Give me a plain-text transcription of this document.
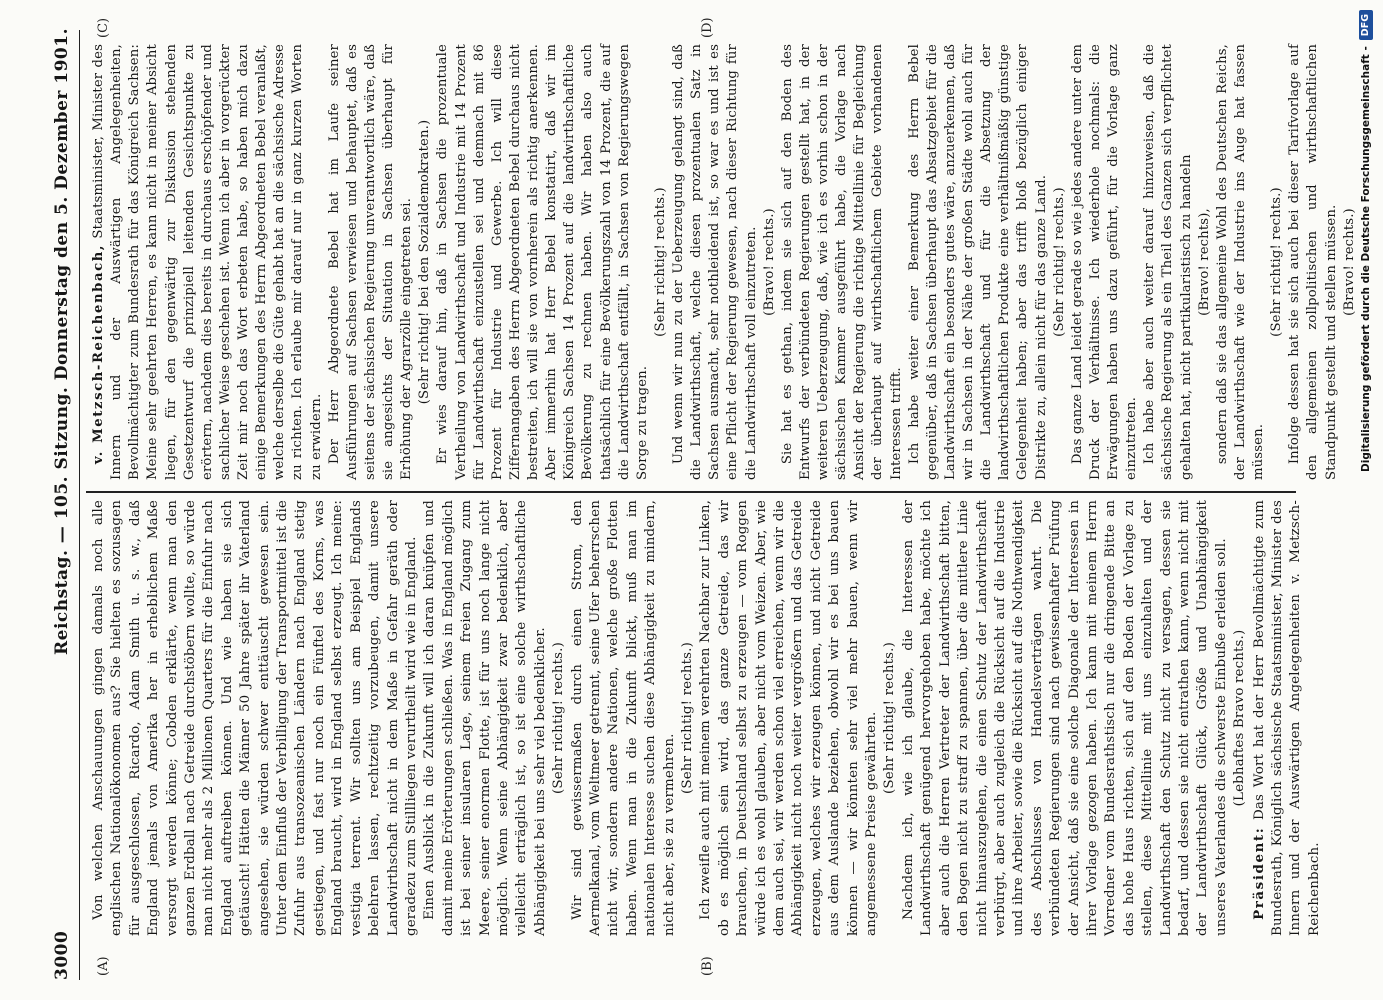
3000
Reichstag. — 105. Sitzung. Donnerstag den 5. Dezember 1901.
(A)	(B)
(C)	(D)

Von welchen Anschauungen gingen damals noch alle englischen Nationalökonomen aus? Sie hielten es sozusagen für ausgeschlossen, Ricardo, Adam Smith u. s. w., daß England jemals von Amerika her in erheblichem Maße versorgt werden könne; Cobden erklärte, wenn man den ganzen Erdball nach Getreide durchstöbern wollte, so würde man nicht mehr als 2 Millionen Quarters für die Einfuhr nach England auftreiben können. Und wie haben sie sich getäuscht! Hätten die Männer 50 Jahre später ihr Vaterland angesehen, sie würden schwer enttäuscht gewesen sein. Unter dem Einfluß der Verbilligung der Transportmittel ist die Zufuhr aus transozeanischen Ländern nach England stetig gestiegen, und fast nur noch ein Fünftel des Korns, was England braucht, wird in England selbst erzeugt. Ich meine: vestigia terrent. Wir sollten uns am Beispiel Englands belehren lassen, rechtzeitig vorzubeugen, damit unsere Landwirthschaft nicht in dem Maße in Gefahr geräth oder geradezu zum Stillliegen verurtheilt wird wie in England. Einen Ausblick in die Zukunft will ich daran knüpfen und damit meine Erörterungen schließen. Was in England möglich ist bei seiner insularen Lage, seinem freien Zugang zum Meere, seiner enormen Flotte, ist für uns noch lange nicht möglich. Wenn seine Abhängigkeit zwar bedenklich, aber vielleicht erträglich ist, so ist eine solche wirthschaftliche Abhängigkeit bei uns sehr viel bedenklicher. (Sehr richtig! rechts.) Wir sind gewissermaßen durch einen Strom, den Aermelkanal, vom Weltmeer getrennt, seine Ufer beherrschen nicht wir, sondern andere Nationen, welche große Flotten haben. Wenn man in die Zukunft blickt, muß man im nationalen Interesse suchen diese Abhängigkeit zu mindern, nicht aber, sie zu vermehren.

(Sehr richtig! rechts.) Ich zweifle auch mit meinem verehrten Nachbar zur Linken, ob es möglich sein wird, das ganze Getreide, das wir brauchen, in Deutschland selbst zu erzeugen — vom Roggen würde ich es wohl glauben, aber nicht vom Weizen. Aber, wie dem auch sei, wir werden schon viel erreichen, wenn wir die Abhängigkeit nicht noch weiter vergrößern und das Getreide erzeugen, welches wir erzeugen können, und nicht Getreide aus dem Auslande beziehen, obwohl wir es bei uns bauen können — wir könnten sehr viel mehr bauen, wenn wir angemessene Preise gewährten. (Sehr richtig! rechts.) Nachdem ich, wie ich glaube, die Interessen der Landwirthschaft genügend hervorgehoben habe, möchte ich aber auch die Herren Vertreter der Landwirthschaft bitten, den Bogen nicht zu straff zu spannen, über die mittlere Linie nicht hinauszugehen, die einen Schutz der Landwirthschaft verbürgt, aber auch zugleich die Rücksicht auf die Industrie und ihre Arbeiter, sowie die Rücksicht auf die Nothwendigkeit des Abschlusses von Handelsverträgen wahrt. Die verbündeten Regierungen sind nach gewissenhafter Prüfung der Ansicht, daß sie eine solche Diagonale der Interessen in ihrer Vorlage gezogen haben. Ich kann mit meinem Herrn Vorredner vom Bundesrathstisch nur die dringende Bitte an das hohe Haus richten, sich auf den Boden der Vorlage zu stellen, diese Mittellinie mit uns einzuhalten und der Landwirthschaft den Schutz nicht zu versagen, dessen sie bedarf, und dessen sie nicht entrathen kann, wenn nicht mit der Landwirthschaft Glück, Größe und Unabhängigkeit unseres Vaterlandes die schwerste Einbuße erleiden soll. (Lebhaftes Bravo rechts.)

Präsident: Das Wort hat der Herr Bevollmächtigte zum Bundesrath, Königlich sächsische Staatsminister, Minister des Innern und der Auswärtigen Angelegenheiten v. Metzsch-Reichenbach.

v. Metzsch-Reichenbach, Staatsminister, Minister des Innern und der Auswärtigen Angelegenheiten, Bevollmächtigter zum Bundesrath für das Königreich Sachsen: Meine sehr geehrten Herren, es kann nicht in meiner Absicht liegen, für den gegenwärtig zur Diskussion stehenden Gesetzentwurf die prinzipiell leitenden Gesichtspunkte zu erörtern, nachdem dies bereits in durchaus erschöpfender und sachlicher Weise geschehen ist. Wenn ich aber in vorgerückter Zeit mir noch das Wort erbeten habe, so haben mich dazu einige Bemerkungen des Herrn Abgeordneten Bebel veranlaßt, welche derselbe die Güte gehabt hat an die sächsische Adresse zu richten. Ich erlaube mir darauf nur in ganz kurzen Worten zu erwidern. Der Herr Abgeordnete Bebel hat im Laufe seiner Ausführungen auf Sachsen verwiesen und behauptet, daß es seitens der sächsischen Regierung unverantwortlich wäre, daß sie angesichts der Situation in Sachsen überhaupt für Erhöhung der Agrarzölle eingetreten sei. (Sehr richtig! bei den Sozialdemokraten.) Er wies darauf hin, daß in Sachsen die prozentuale Vertheilung von Landwirthschaft und Industrie mit 14 Prozent für Landwirthschaft einzustellen sei und demnach mit 86 Prozent für Industrie und Gewerbe. Ich will diese Ziffernangaben des Herrn Abgeordneten Bebel durchaus nicht bestreiten, ich will sie von vornherein als richtig anerkennen. Aber immerhin hat Herr Bebel konstatirt, daß wir im Königreich Sachsen 14 Prozent auf die landwirthschaftliche Bevölkerung zu rechnen haben. Wir haben also auch thatsächlich für eine Bevölkerungszahl von 14 Prozent, die auf die Landwirthschaft entfällt, in Sachsen von Regierungswegen Sorge zu tragen.

(Sehr richtig! rechts.) Und wenn wir nun zu der Ueberzeugung gelangt sind, daß die Landwirthschaft, welche diesen prozentualen Satz in Sachsen ausmacht, sehr nothleidend ist, so war es und ist es eine Pflicht der Regierung gewesen, nach dieser Richtung für die Landwirthschaft voll einzutreten. (Bravo! rechts.) Sie hat es gethan, indem sie sich auf den Boden des Entwurfs der verbündeten Regierungen gestellt hat, in der weiteren Ueberzeugung, daß, wie ich es vorhin schon in der sächsischen Kammer ausgeführt habe, die Vorlage nach Ansicht der Regierung die richtige Mittellinie für Begleichung der überhaupt auf wirthschaftlichem Gebiete vorhandenen Interessen trifft. Ich habe weiter einer Bemerkung des Herrn Bebel gegenüber, daß in Sachsen überhaupt das Absatzgebiet für die Landwirthschaft ein besonders gutes wäre, anzuerkennen, daß wir in Sachsen in der Nähe der großen Städte wohl auch für die Landwirthschaft und für die Absetzung der landwirthschaftlichen Produkte eine verhältnißmäßig günstige Gelegenheit haben; aber das trifft bloß bezüglich einiger Distrikte zu, allein nicht für das ganze Land. (Sehr richtig! rechts.) Das ganze Land leidet gerade so wie jedes andere unter dem Druck der Verhältnisse. Ich wiederhole nochmals: die Erwägungen haben uns dazu geführt, für die Vorlage ganz einzutreten. Ich habe aber auch weiter darauf hinzuweisen, daß die sächsische Regierung als ein Theil des Ganzen sich verpflichtet gehalten hat, nicht partikularistisch zu handeln (Bravo! rechts), sondern daß sie das allgemeine Wohl des Deutschen Reichs, der Landwirthschaft wie der Industrie ins Auge hat fassen müssen.

(Sehr richtig! rechts.) Infolge dessen hat sie sich auch bei dieser Tarifvorlage auf den allgemeinen zollpolitischen und wirthschaftlichen Standpunkt gestellt und stellen müssen. (Bravo! rechts.) Digitalisierung gefördert durch die Deutsche Forschungsgemeinschaft -DFG
